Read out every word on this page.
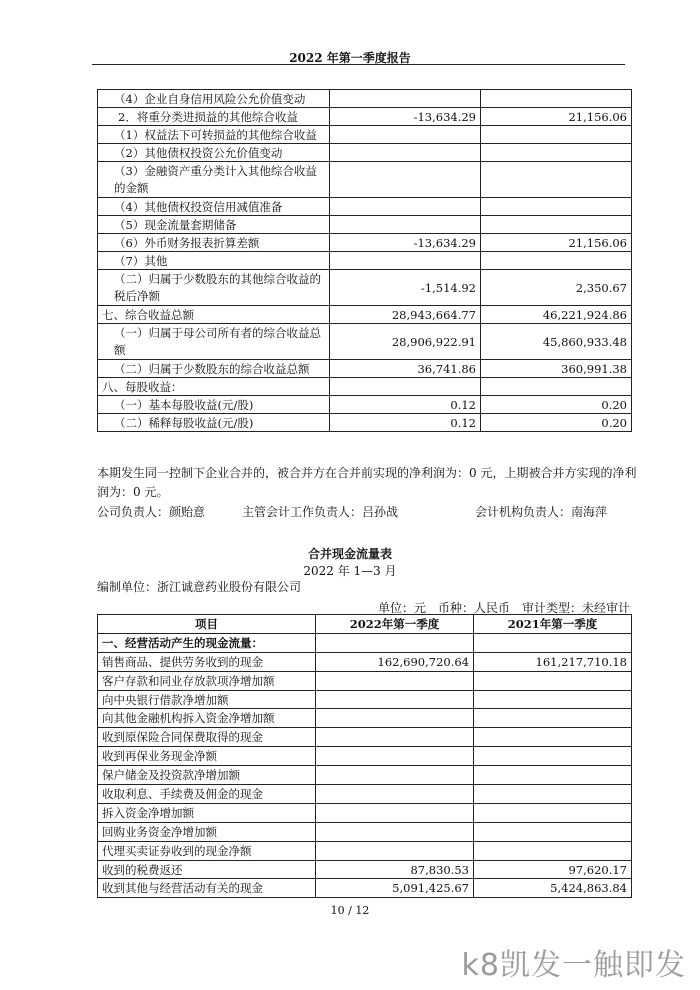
2022 年第一季度报告
（4）企业自身信用风险公允价值变动		
2．将重分类进损益的其他综合收益	-13,634.29	21,156.06
（1）权益法下可转损益的其他综合收益		
（2）其他债权投资公允价值变动		
（3）金融资产重分类计入其他综合收益的金额		
（4）其他债权投资信用减值准备		
（5）现金流量套期储备		
（6）外币财务报表折算差额	-13,634.29	21,156.06
（7）其他		
（二）归属于少数股东的其他综合收益的税后净额	-1,514.92	2,350.67
七、综合收益总额	28,943,664.77	46,221,924.86
（一）归属于母公司所有者的综合收益总额	28,906,922.91	45,860,933.48
（二）归属于少数股东的综合收益总额	36,741.86	360,991.38
八、每股收益：		
（一）基本每股收益(元/股)	0.12	0.20
（二）稀释每股收益(元/股)	0.12	0.20
本期发生同一控制下企业合并的，被合并方在合并前实现的净利润为：0 元，上期被合并方实现的净利润为：0 元。
公司负责人：颜贻意	主管会计工作负责人：吕孙战	会计机构负责人：南海萍
合并现金流量表
2022 年 1—3 月
编制单位：浙江诚意药业股份有限公司
单位：元　币种：人民币　审计类型：未经审计
项目	2022年第一季度	2021年第一季度
一、经营活动产生的现金流量：		
销售商品、提供劳务收到的现金	162,690,720.64	161,217,710.18
客户存款和同业存放款项净增加额		
向中央银行借款净增加额		
向其他金融机构拆入资金净增加额		
收到原保险合同保费取得的现金		
收到再保业务现金净额		
保户储金及投资款净增加额		
收取利息、手续费及佣金的现金		
拆入资金净增加额		
回购业务资金净增加额		
代理买卖证券收到的现金净额		
收到的税费返还	87,830.53	97,620.17
收到其他与经营活动有关的现金	5,091,425.67	5,424,863.84
10 / 12
k8凯发一触即发
